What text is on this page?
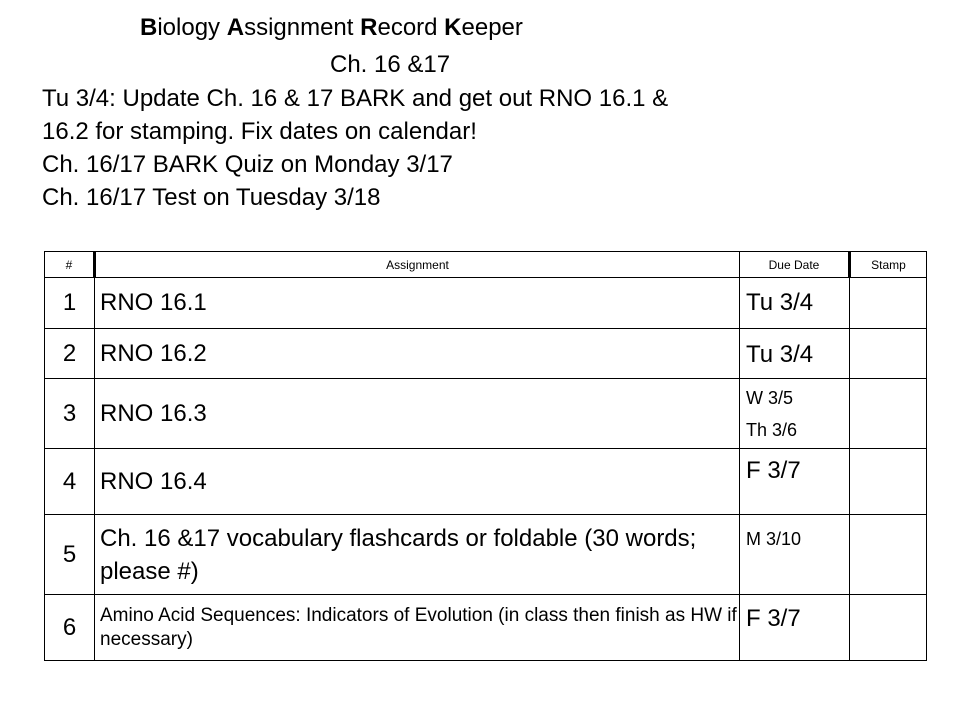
Biology Assignment Record Keeper
Ch. 16 &17
Tu 3/4: Update Ch. 16 & 17 BARK and get out RNO 16.1 &
16.2 for stamping. Fix dates on calendar!
Ch. 16/17 BARK Quiz on Monday 3/17
Ch. 16/17 Test on Tuesday 3/18
#	Assignment	Due Date	Stamp
1	RNO 16.1	Tu 3/4	

2	RNO 16.2	Tu 3/4	

3	RNO 16.3	W 3/5
Th 3/6	

4	RNO 16.4	F 3/7	

5	Ch. 16 &17 vocabulary flashcards or foldable (30 words; please #)	M 3/10	

6	Amino Acid Sequences: Indicators of Evolution (in class then finish as HW if necessary)	F 3/7	
